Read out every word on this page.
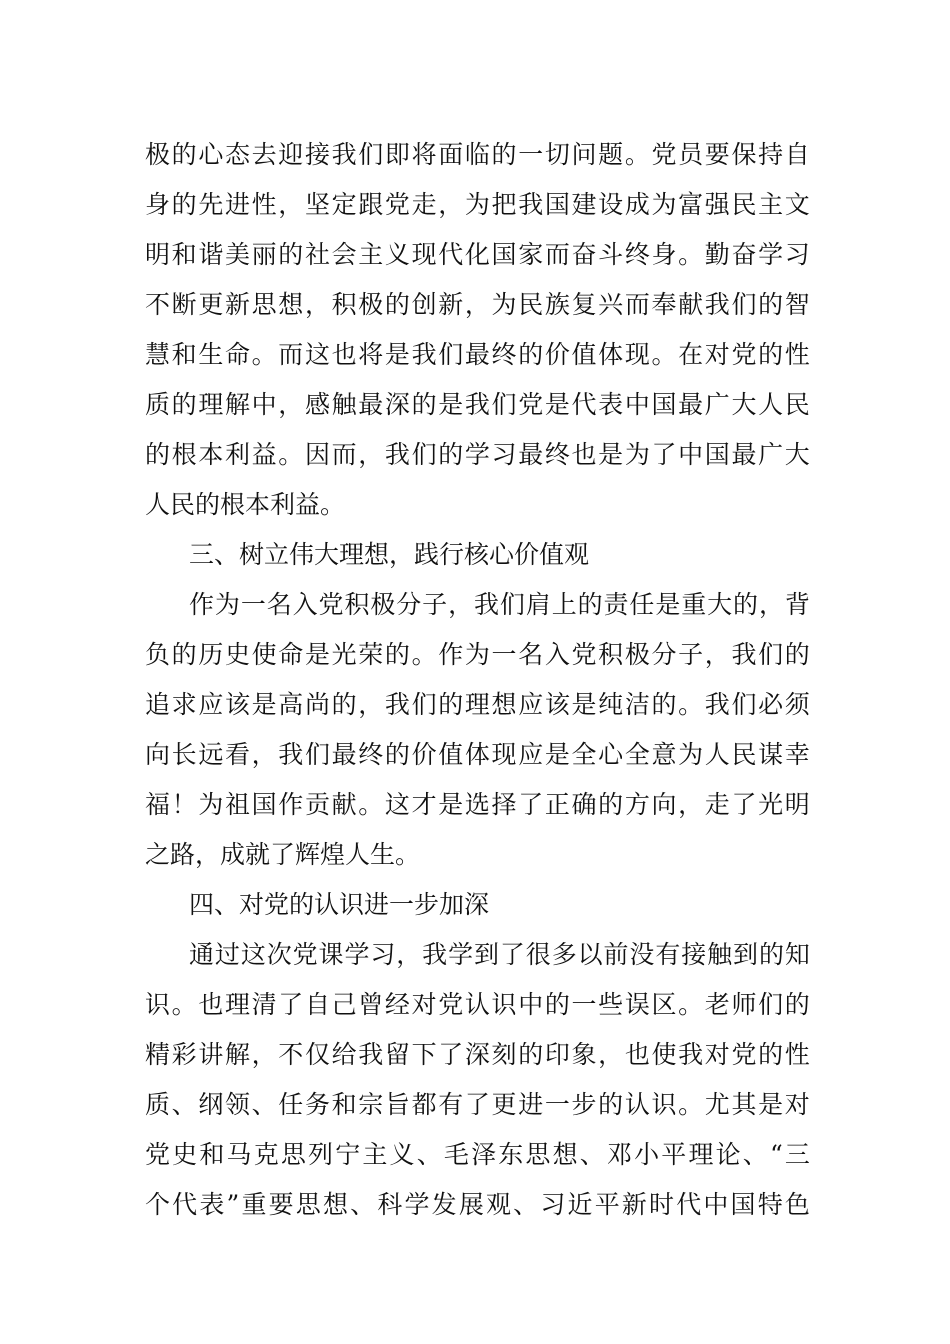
极 的 心 态 去 迎 接 我 们 即 将 面 临 的 一 切 问 题 。 党 员 要 保 持 自
身 的 先 进 性 ， 坚 定 跟 党 走 ， 为 把 我 国 建 设 成 为 富 强 民 主 文
明 和 谐 美 丽 的 社 会 主 义 现 代 化 国 家 而 奋 斗 终 身 。 勤 奋 学 习
不 断 更 新 思 想 ， 积 极 的 创 新 ， 为 民 族 复 兴 而 奉 献 我 们 的 智
慧 和 生 命 。 而 这 也 将 是 我 们 最 终 的 价 值 体 现 。 在 对 党 的 性
质 的 理 解 中 ， 感 触 最 深 的 是 我 们 党 是 代 表 中 国 最 广 大 人 民
的 根 本 利 益 。 因 而 ， 我 们 的 学 习 最 终 也 是 为 了 中 国 最 广 大
人民的根本利益。
三、树立伟大理想，践行核心价值观
作 为 一 名 入 党 积 极 分 子 ， 我 们 肩 上 的 责 任 是 重 大 的 ， 背
负 的 历 史 使 命 是 光 荣 的 。 作 为 一 名 入 党 积 极 分 子 ， 我 们 的
追 求 应 该 是 高 尚 的 ， 我 们 的 理 想 应 该 是 纯 洁 的 。 我 们 必 须
向 长 远 看 ， 我 们 最 终 的 价 值 体 现 应 是 全 心 全 意 为 人 民 谋 幸
福 ！ 为 祖 国 作 贡 献 。 这 才 是 选 择 了 正 确 的 方 向 ， 走 了 光 明
之路，成就了辉煌人生。
四、对党的认识进一步加深
通 过 这 次 党 课 学 习 ， 我 学 到 了 很 多 以 前 没 有 接 触 到 的 知
识 。 也 理 清 了 自 己 曾 经 对 党 认 识 中 的 一 些 误 区 。 老 师 们 的
精 彩 讲 解 ， 不 仅 给 我 留 下 了 深 刻 的 印 象 ， 也 使 我 对 党 的 性
质 、 纲 领 、 任 务 和 宗 旨 都 有 了 更 进 一 步 的 认 识 。 尤 其 是 对
党 史 和 马 克 思 列 宁 主 义 、 毛 泽 东 思 想 、 邓 小 平 理 论 、 “ 三
个 代 表 ” 重 要 思 想 、 科 学 发 展 观 、 习 近 平 新 时 代 中 国 特 色
